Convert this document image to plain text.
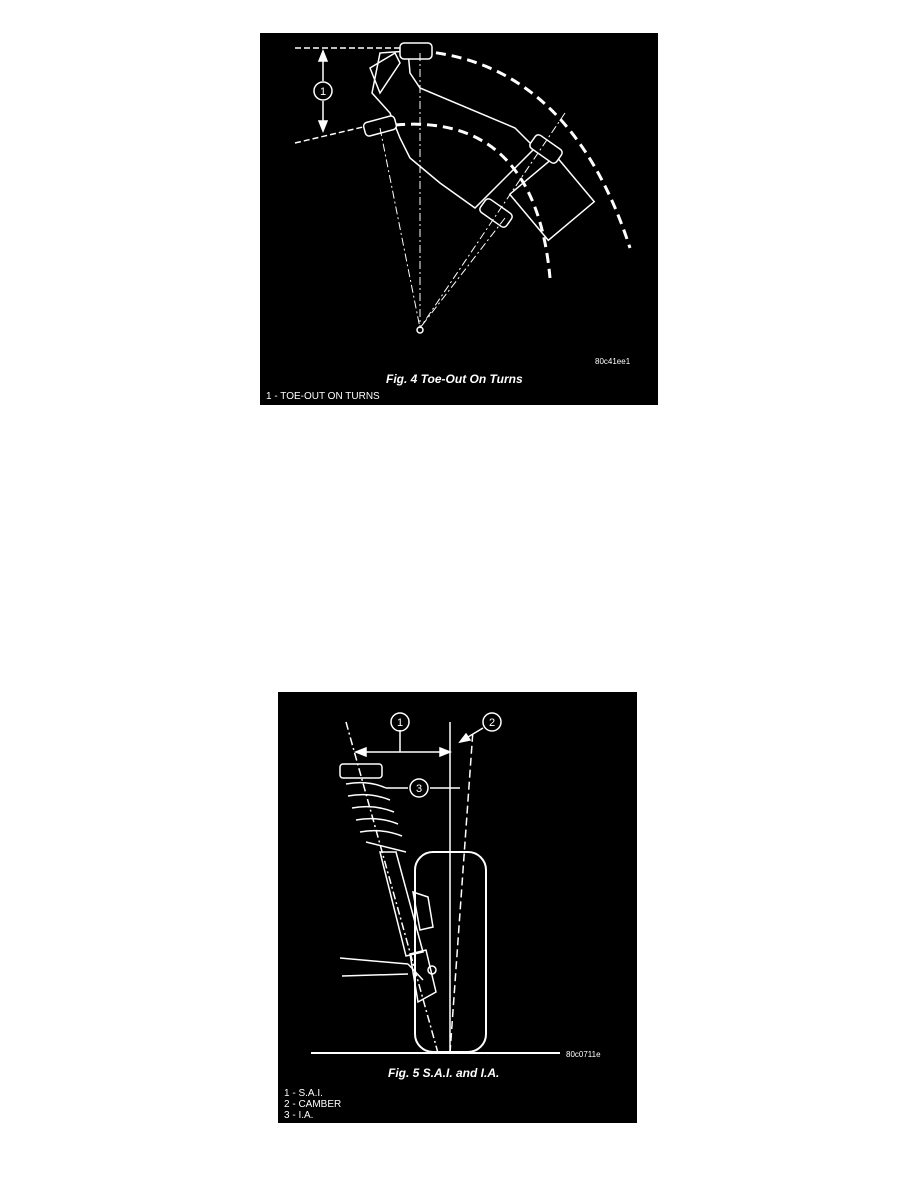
1
80c41ee1
Fig. 4 Toe-Out On Turns
1 - TOE-OUT ON TURNS
1	2
3
80c0711e
Fig. 5 S.A.I. and I.A.
1 - S.A.I.
2 - CAMBER
3 - I.A.
